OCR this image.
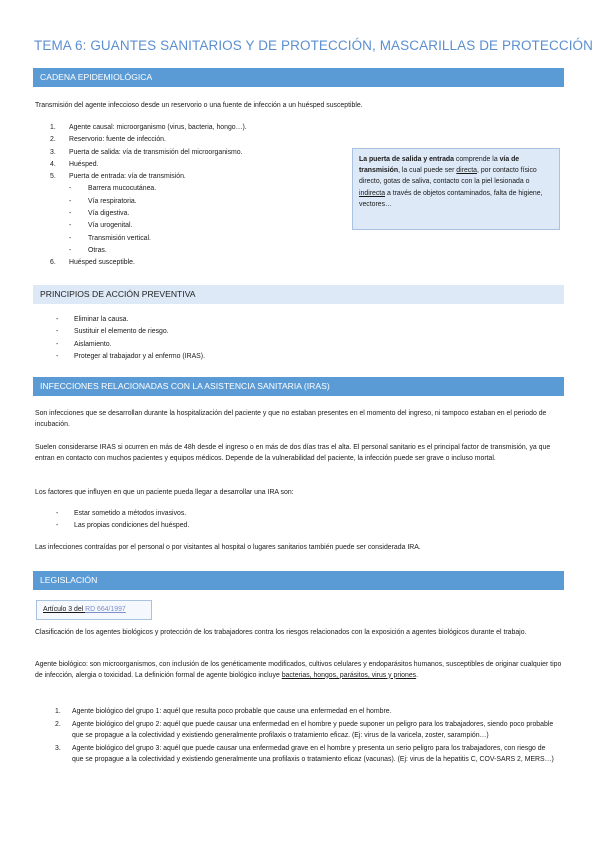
TEMA 6: GUANTES SANITARIOS Y DE PROTECCIÓN, MASCARILLAS DE PROTECCIÓN
CADENA EPIDEMIOLÓGICA
Transmisión del agente infeccioso desde un reservorio o una fuente de infección a un huésped susceptible.
1. Agente causal: microorganismo (virus, bacteria, hongo…).
2. Reservorio: fuente de infección.
3. Puerta de salida: vía de transmisión del microorganismo.
4. Huésped.
5. Puerta de entrada: vía de transmisión.
- Barrera mucocutánea.
- Vía respiratoria.
- Vía digestiva.
- Vía urogenital.
- Transmisión vertical.
- Otras.
6. Huésped susceptible.
La puerta de salida y entrada comprende la vía de transmisión, la cual puede ser directa, por contacto físico directo, gotas de saliva, contacto con la piel lesionada o indirecta a través de objetos contaminados, falta de higiene, vectores…
PRINCIPIOS DE ACCIÓN PREVENTIVA
- Eliminar la causa.
- Sustituir el elemento de riesgo.
- Aislamiento.
- Proteger al trabajador y al enfermo (IRAS).
INFECCIONES RELACIONADAS CON LA ASISTENCIA SANITARIA (IRAS)
Son infecciones que se desarrollan durante la hospitalización del paciente y que no estaban presentes en el momento del ingreso, ni tampoco estaban en el periodo de incubación.
Suelen considerarse IRAS si ocurren en más de 48h desde el ingreso o en más de dos días tras el alta. El personal sanitario es el principal factor de transmisión, ya que entran en contacto con muchos pacientes y equipos médicos. Depende de la vulnerabilidad del paciente, la infección puede ser grave o incluso mortal.
Los factores que influyen en que un paciente pueda llegar a desarrollar una IRA son:
- Estar sometido a métodos invasivos.
- Las propias condiciones del huésped.
Las infecciones contraídas por el personal o por visitantes al hospital o lugares sanitarios también puede ser considerada IRA.
LEGISLACIÓN
Artículo 3 del RD 664/1997
Clasificación de los agentes biológicos y protección de los trabajadores contra los riesgos relacionados con la exposición a agentes biológicos durante el trabajo.
Agente biológico: son microorganismos, con inclusión de los genéticamente modificados, cultivos celulares y endoparásitos humanos, susceptibles de originar cualquier tipo de infección, alergia o toxicidad. La definición formal de agente biológico incluye bacterias, hongos, parásitos, virus y priones.
1. Agente biológico del grupo 1: aquél que resulta poco probable que cause una enfermedad en el hombre.
2. Agente biológico del grupo 2: aquél que puede causar una enfermedad en el hombre y puede suponer un peligro para los trabajadores, siendo poco probable que se propague a la colectividad y existiendo generalmente profilaxis o tratamiento eficaz. (Ej: virus de la varicela, zoster, sarampión…)
3. Agente biológico del grupo 3: aquél que puede causar una enfermedad grave en el hombre y presenta un serio peligro para los trabajadores, con riesgo de que se propague a la colectividad y existiendo generalmente una profilaxis o tratamiento eficaz (vacunas). (Ej: virus de la hepatitis C, COV-SARS 2, MERS…)
